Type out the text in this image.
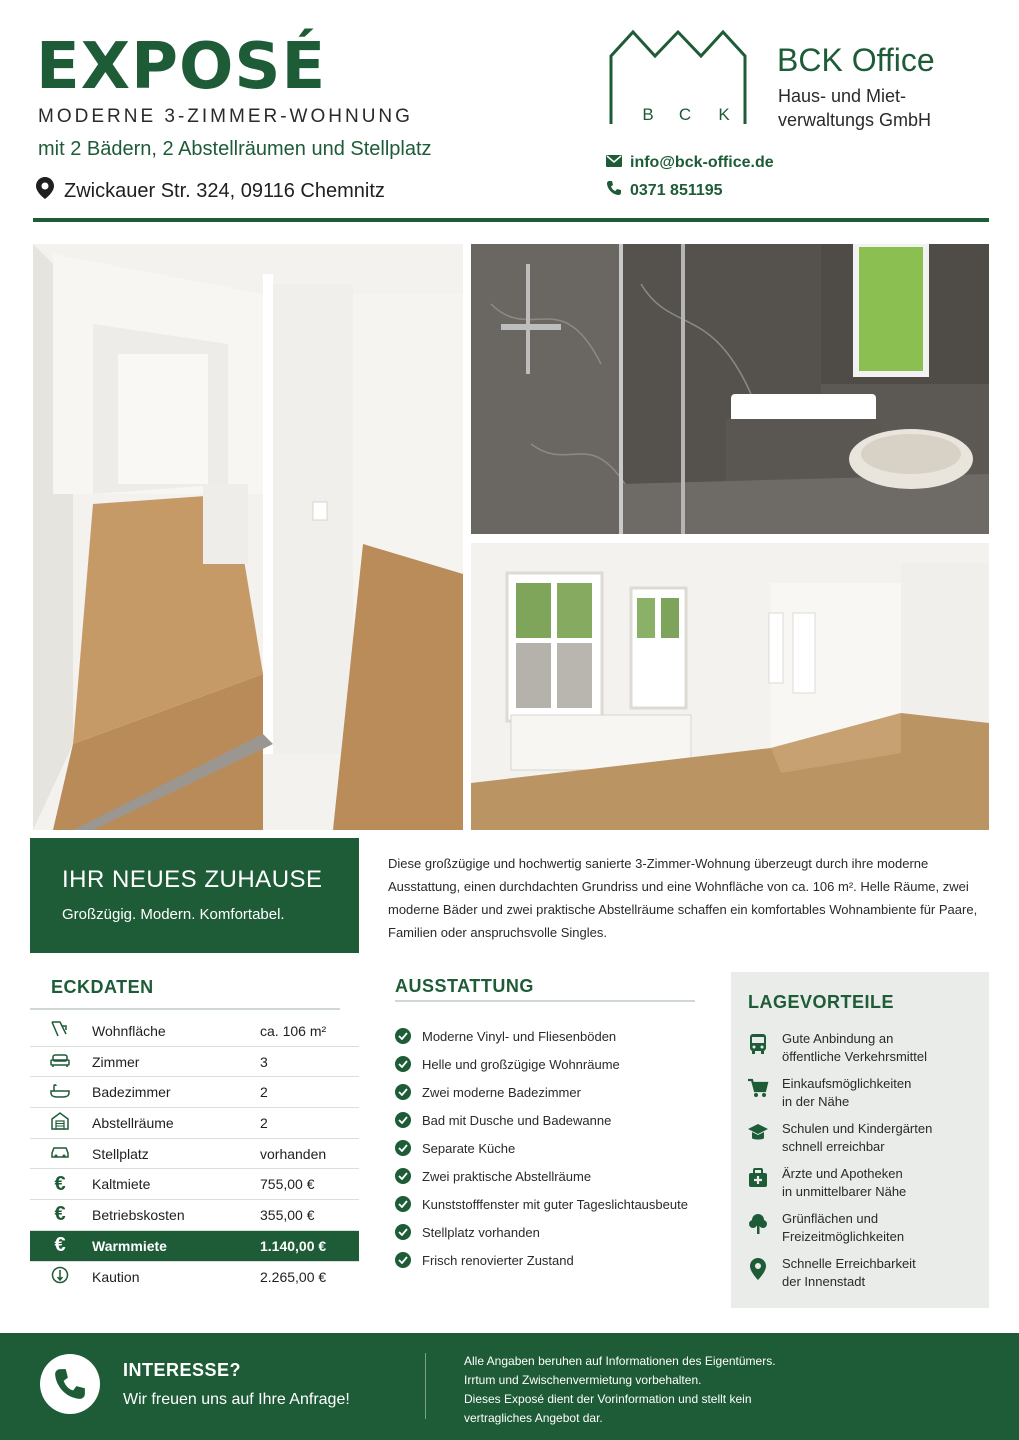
EXPOSÉ
MODERNE 3-ZIMMER-WOHNUNG
mit 2 Bädern, 2 Abstellräumen und Stellplatz
Zwickauer Str. 324, 09116 Chemnitz
B C K
BCK Office
Haus- und Miet-
verwaltungs GmbH
info@bck-office.de
0371 851195
IHR NEUES ZUHAUSE
Großzügig. Modern. Komfortabel.
Diese großzügige und hochwertig sanierte 3-Zimmer-Wohnung überzeugt durch ihre moderne Ausstattung, einen durchdachten Grundriss und eine Wohnfläche von ca. 106 m². Helle Räume, zwei moderne Bäder und zwei praktische Abstellräume schaffen ein komfortables Wohnambiente für Paare, Familien oder anspruchsvolle Singles.
ECKDATEN
Wohnfläche	ca. 106 m²
Zimmer	3
Badezimmer	2
Abstellräume	2
Stellplatz	vorhanden
€	Kaltmiete	755,00 €
€	Betriebskosten	355,00 €
€	Warmmiete	1.140,00 €
Kaution	2.265,00 €
AUSSTATTUNG
Moderne Vinyl- und Fliesenböden
Helle und großzügige Wohnräume
Zwei moderne Badezimmer
Bad mit Dusche und Badewanne
Separate Küche
Zwei praktische Abstellräume
Kunststofffenster mit guter Tageslichtausbeute
Stellplatz vorhanden
Frisch renovierter Zustand
LAGEVORTEILE
Gute Anbindung an
öffentliche Verkehrsmittel
Einkaufsmöglichkeiten
in der Nähe
Schulen und Kindergärten
schnell erreichbar
Ärzte und Apotheken
in unmittelbarer Nähe
Grünflächen und
Freizeitmöglichkeiten
Schnelle Erreichbarkeit
der Innenstadt
INTERESSE?
Wir freuen uns auf Ihre Anfrage!
Alle Angaben beruhen auf Informationen des Eigentümers.
Irrtum und Zwischenvermietung vorbehalten.
Dieses Exposé dient der Vorinformation und stellt kein
vertragliches Angebot dar.
